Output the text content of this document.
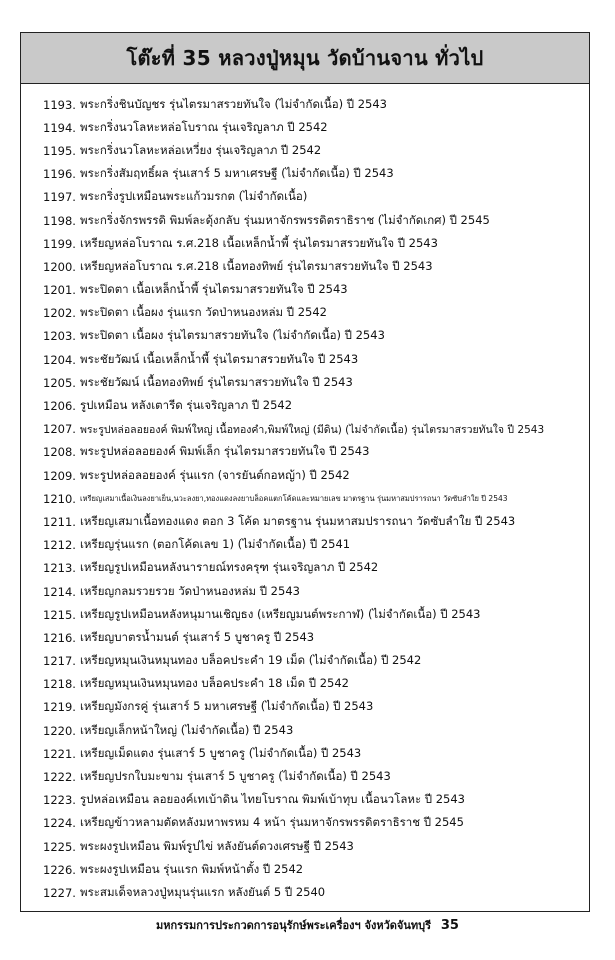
โต๊ะที่ 35 หลวงปู่หมุน วัดบ้านจาน ทั่วไป
1193. พระกริ่งชินบัญชร รุ่นไตรมาสรวยทันใจ (ไม่จำกัดเนื้อ) ปี 2543
1194. พระกริ่งนวโลหะหล่อโบราณ รุ่นเจริญลาภ ปี 2542
1195. พระกริ่งนวโลหะหล่อเหวี่ยง รุ่นเจริญลาภ ปี 2542
1196. พระกริ่งสัมฤทธิ์ผล รุ่นเสาร์ 5 มหาเศรษฐี (ไม่จำกัดเนื้อ) ปี 2543
1197. พระกริ่งรูปเหมือนพระแก้วมรกต (ไม่จำกัดเนื้อ)
1198. พระกริ่งจักรพรรดิ พิมพ์ละดุ้งกลับ รุ่นมหาจักรพรรดิตราธิราช (ไม่จำกัดเกศ) ปี 2545
1199. เหรียญหล่อโบราณ ร.ศ.218 เนื้อเหล็กน้ำพี้ รุ่นไตรมาสรวยทันใจ ปี 2543
1200. เหรียญหล่อโบราณ ร.ศ.218 เนื้อทองทิพย์ รุ่นไตรมาสรวยทันใจ ปี 2543
1201. พระปิดตา เนื้อเหล็กน้ำพี้ รุ่นไตรมาสรวยทันใจ ปี 2543
1202. พระปิดตา เนื้อผง รุ่นแรก วัดป่าหนองหล่ม ปี 2542
1203. พระปิดตา เนื้อผง รุ่นไตรมาสรวยทันใจ (ไม่จำกัดเนื้อ) ปี 2543
1204. พระชัยวัฒน์ เนื้อเหล็กน้ำพี้ รุ่นไตรมาสรวยทันใจ ปี 2543
1205. พระชัยวัฒน์ เนื้อทองทิพย์ รุ่นไตรมาสรวยทันใจ ปี 2543
1206. รูปเหมือน หลังเตารีด รุ่นเจริญลาภ ปี 2542
1207. พระรูปหล่อลอยองค์ พิมพ์ใหญ่ เนื้อทองคำ,พิมพ์ใหญ่ (มีดิน) (ไม่จำกัดเนื้อ) รุ่นไตรมาสรวยทันใจ ปี 2543
1208. พระรูปหล่อลอยองค์ พิมพ์เล็ก รุ่นไตรมาสรวยทันใจ ปี 2543
1209. พระรูปหล่อลอยองค์ รุ่นแรก (จารยันต์กอหญ้า) ปี 2542
1210. เหรียญเสมาเนื้อเงินลงยาเย็น,นวะลงยา,ทองแดงลงยาบล็อคแตกโค้ดและหมายเลข มาตรฐาน รุ่นมหาสมปรารถนา วัดซับลำใย ปี 2543
1211. เหรียญเสมาเนื้อทองแดง ตอก 3 โค้ด มาตรฐาน รุ่นมหาสมปรารถนา วัดซับลำใย ปี 2543
1212. เหรียญรุ่นแรก (ตอกโค้ดเลข 1) (ไม่จำกัดเนื้อ) ปี 2541
1213. เหรียญรูปเหมือนหลังนารายณ์ทรงครุฑ รุ่นเจริญลาภ ปี 2542
1214. เหรียญกลมรวยรวย วัดป่าหนองหล่ม ปี 2543
1215. เหรียญรูปเหมือนหลังหนุมานเชิญธง (เหรียญมนต์พระกาฬ) (ไม่จำกัดเนื้อ) ปี 2543
1216. เหรียญบาตรน้ำมนต์ รุ่นเสาร์ 5 บูชาครู ปี 2543
1217. เหรียญหมุนเงินหมุนทอง บล็อคประคำ 19 เม็ด (ไม่จำกัดเนื้อ) ปี 2542
1218. เหรียญหมุนเงินหมุนทอง บล็อคประคำ 18 เม็ด ปี 2542
1219. เหรียญมังกรคู่ รุ่นเสาร์ 5 มหาเศรษฐี (ไม่จำกัดเนื้อ) ปี 2543
1220. เหรียญเล็กหน้าใหญ่ (ไม่จำกัดเนื้อ) ปี 2543
1221. เหรียญเม็ดแตง รุ่นเสาร์ 5 บูชาครู (ไม่จำกัดเนื้อ) ปี 2543
1222. เหรียญปรกใบมะขาม รุ่นเสาร์ 5 บูชาครู (ไม่จำกัดเนื้อ) ปี 2543
1223. รูปหล่อเหมือน ลอยองค์เทเบ้าดิน ไทยโบราณ พิมพ์เบ้าทุบ เนื้อนวโลหะ ปี 2543
1224. เหรียญข้าวหลามตัดหลังมหาพรหม 4 หน้า รุ่นมหาจักรพรรดิตราธิราช ปี 2545
1225. พระผงรูปเหมือน พิมพ์รูปไข่ หลังยันต์ดวงเศรษฐี ปี 2543
1226. พระผงรูปเหมือน รุ่นแรก พิมพ์หน้าตั้ง ปี 2542
1227. พระสมเด็จหลวงปู่หมุนรุ่นแรก หลังยันต์ 5 ปี 2540
มหกรรมการประกวดการอนุรักษ์พระเครื่องฯ จังหวัดจันทบุรี 35
